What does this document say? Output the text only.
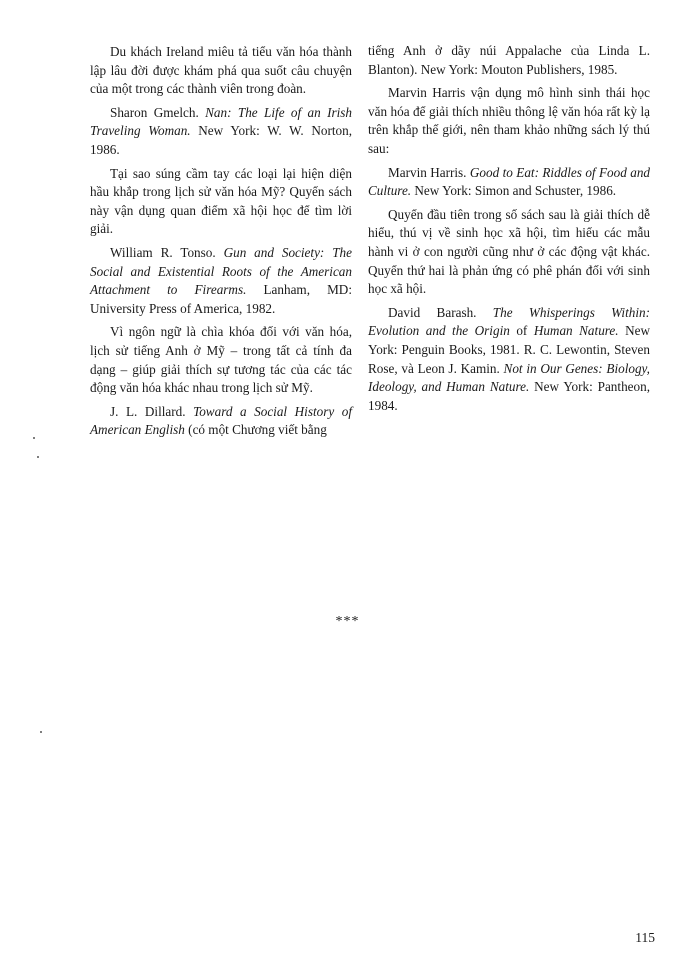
Du khách Ireland miêu tả tiểu văn hóa thành lập lâu đời được khám phá qua suốt câu chuyện của một trong các thành viên trong đoàn.

Sharon Gmelch. Nan: The Life of an Irish Traveling Woman. New York: W. W. Norton, 1986.

Tại sao súng cầm tay các loại lại hiện diện hầu khắp trong lịch sử văn hóa Mỹ? Quyển sách này vận dụng quan điểm xã hội học để tìm lời giải.

William R. Tonso. Gun and Society: The Social and Existential Roots of the American Attachment to Firearms. Lanham, MD: University Press of America, 1982.

Vì ngôn ngữ là chìa khóa đối với văn hóa, lịch sử tiếng Anh ở Mỹ – trong tất cả tính đa dạng – giúp giải thích sự tương tác của các tác động văn hóa khác nhau trong lịch sử Mỹ.

J. L. Dillard. Toward a Social History of American English (có một Chương viết bằng

tiếng Anh ở dãy núi Appalache của Linda L. Blanton). New York: Mouton Publishers, 1985.

Marvin Harris vận dụng mô hình sinh thái học văn hóa để giải thích nhiều thông lệ văn hóa rất kỳ lạ trên khắp thế giới, nên tham khảo những sách lý thú sau:

Marvin Harris. Good to Eat: Riddles of Food and Culture. New York: Simon and Schuster, 1986.

Quyển đầu tiên trong số sách sau là giải thích dễ hiểu, thú vị về sinh học xã hội, tìm hiểu các mẫu hành vi ở con người cũng như ở các động vật khác. Quyển thứ hai là phản ứng có phê phán đối với sinh học xã hội.

David Barash. The Whisperings Within: Evolution and the Origin of Human Nature. New York: Penguin Books, 1981. R. C. Lewontin, Steven Rose, và Leon J. Kamin. Not in Our Genes: Biology, Ideology, and Human Nature. New York: Pantheon, 1984.

***
115
